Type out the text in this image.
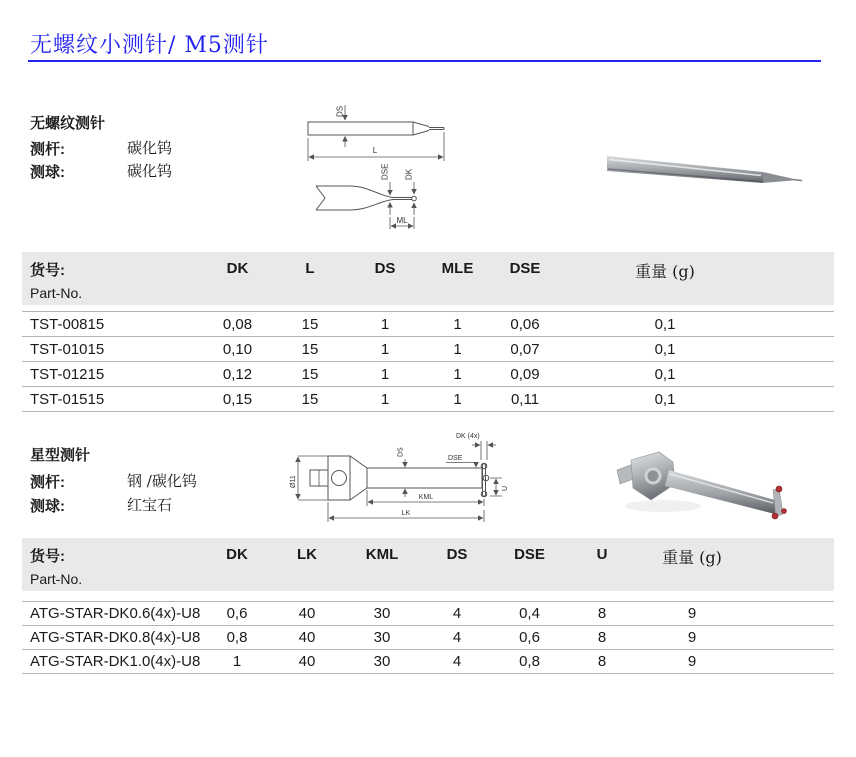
无螺纹小测针/ M5测针
无螺纹测针
测杆:	碳化钨
测球:	碳化钨
DS
L
DSE DK
ML
货号:
Part-No.
DK	L	DS	MLE	DSE	重量 (g)
TST-00815	0,08	15	1	1	0,06	0,1
TST-01015	0,10	15	1	1	0,07	0,1
TST-01215	0,12	15	1	1	0,09	0,1
TST-01515	0,15	15	1	1	0,11	0,1
星型测针
测杆:	钢 /碳化钨
测球:	红宝石
Ø11
DS
DK (4x)
DSE
U
KML
LK
货号:
Part-No.
DK	LK	KML	DS	DSE	U	重量 (g)
ATG-STAR-DK0.6(4x)-U8	0,6	40	30	4	0,4	8	9
ATG-STAR-DK0.8(4x)-U8	0,8	40	30	4	0,6	8	9
ATG-STAR-DK1.0(4x)-U8	1	40	30	4	0,8	8	9
